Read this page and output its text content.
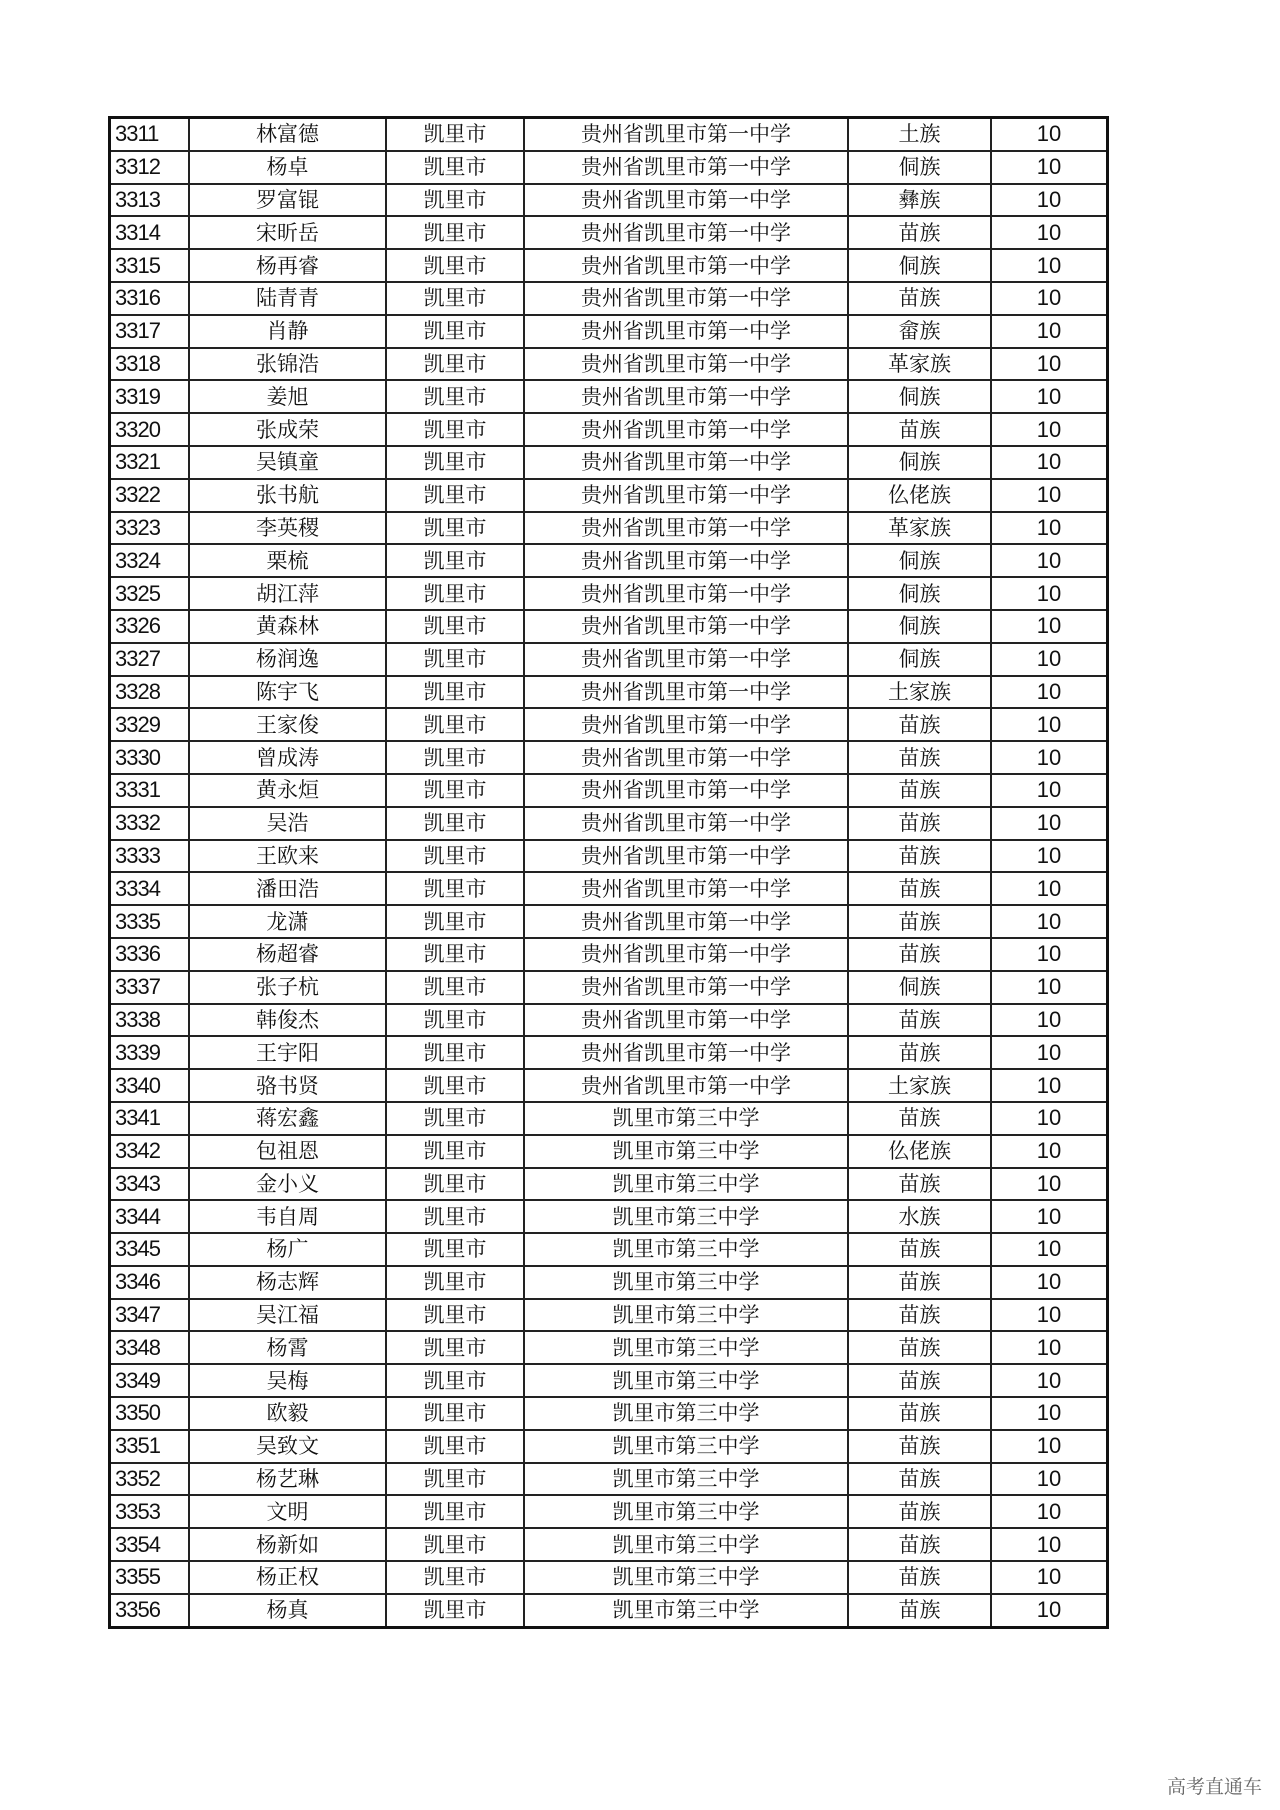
3311	林富德	凯里市	贵州省凯里市第一中学	土族	10
3312	杨卓	凯里市	贵州省凯里市第一中学	侗族	10
3313	罗富锟	凯里市	贵州省凯里市第一中学	彝族	10
3314	宋昕岳	凯里市	贵州省凯里市第一中学	苗族	10
3315	杨再睿	凯里市	贵州省凯里市第一中学	侗族	10
3316	陆青青	凯里市	贵州省凯里市第一中学	苗族	10
3317	肖静	凯里市	贵州省凯里市第一中学	畲族	10
3318	张锦浩	凯里市	贵州省凯里市第一中学	革家族	10
3319	姜旭	凯里市	贵州省凯里市第一中学	侗族	10
3320	张成荣	凯里市	贵州省凯里市第一中学	苗族	10
3321	吴镇童	凯里市	贵州省凯里市第一中学	侗族	10
3322	张书航	凯里市	贵州省凯里市第一中学	仫佬族	10
3323	李英稷	凯里市	贵州省凯里市第一中学	革家族	10
3324	栗梳	凯里市	贵州省凯里市第一中学	侗族	10
3325	胡江萍	凯里市	贵州省凯里市第一中学	侗族	10
3326	黄森林	凯里市	贵州省凯里市第一中学	侗族	10
3327	杨润逸	凯里市	贵州省凯里市第一中学	侗族	10
3328	陈宇飞	凯里市	贵州省凯里市第一中学	土家族	10
3329	王家俊	凯里市	贵州省凯里市第一中学	苗族	10
3330	曾成涛	凯里市	贵州省凯里市第一中学	苗族	10
3331	黄永烜	凯里市	贵州省凯里市第一中学	苗族	10
3332	吴浩	凯里市	贵州省凯里市第一中学	苗族	10
3333	王欧来	凯里市	贵州省凯里市第一中学	苗族	10
3334	潘田浩	凯里市	贵州省凯里市第一中学	苗族	10
3335	龙潇	凯里市	贵州省凯里市第一中学	苗族	10
3336	杨超睿	凯里市	贵州省凯里市第一中学	苗族	10
3337	张子杭	凯里市	贵州省凯里市第一中学	侗族	10
3338	韩俊杰	凯里市	贵州省凯里市第一中学	苗族	10
3339	王宇阳	凯里市	贵州省凯里市第一中学	苗族	10
3340	骆书贤	凯里市	贵州省凯里市第一中学	土家族	10
3341	蒋宏鑫	凯里市	凯里市第三中学	苗族	10
3342	包祖恩	凯里市	凯里市第三中学	仫佬族	10
3343	金小义	凯里市	凯里市第三中学	苗族	10
3344	韦自周	凯里市	凯里市第三中学	水族	10
3345	杨广	凯里市	凯里市第三中学	苗族	10
3346	杨志辉	凯里市	凯里市第三中学	苗族	10
3347	吴江福	凯里市	凯里市第三中学	苗族	10
3348	杨霄	凯里市	凯里市第三中学	苗族	10
3349	吴梅	凯里市	凯里市第三中学	苗族	10
3350	欧毅	凯里市	凯里市第三中学	苗族	10
3351	吴致文	凯里市	凯里市第三中学	苗族	10
3352	杨艺琳	凯里市	凯里市第三中学	苗族	10
3353	文明	凯里市	凯里市第三中学	苗族	10
3354	杨新如	凯里市	凯里市第三中学	苗族	10
3355	杨正权	凯里市	凯里市第三中学	苗族	10
3356	杨真	凯里市	凯里市第三中学	苗族	10
高考直通车
